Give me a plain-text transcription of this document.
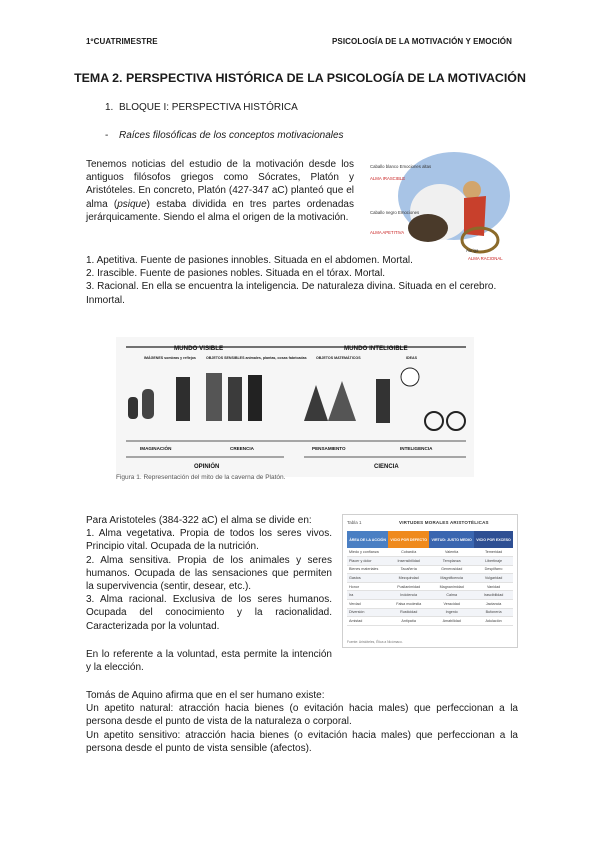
1ºCUATRIMESTRE	PSICOLOGÍA DE LA MOTIVACIÓN Y EMOCIÓN
TEMA 2. PERSPECTIVA HISTÓRICA DE LA PSICOLOGÍA DE LA MOTIVACIÓN
1. BLOQUE I: PERSPECTIVA HISTÓRICA
- Raíces filosóficas de los conceptos motivacionales
Tenemos noticias del estudio de la motivación desde los antiguos filósofos griegos como Sócrates, Platón y Aristóteles. En concreto, Platón (427-347 aC) planteó que el alma (psique) estaba dividida en tres partes ordenadas jerárquicamente. Siendo el alma el origen de la motivación.
Caballo blanco Emociones altas
ALMA IRASCIBLE
Caballo negro Emociones
ALMA APETITIVA
Auriga
ALMA RACIONAL
1. Apetitiva. Fuente de pasiones innobles. Situada en el abdomen. Mortal.
2. Irascible. Fuente de pasiones nobles. Situada en el tórax. Mortal.
3. Racional. En ella se encuentra la inteligencia. De naturaleza divina. Situada en el cerebro. Inmortal.
MUNDO VISIBLE	MUNDO INTELIGIBLE
IMÁGENES sombras y reflejos	OBJETOS SENSIBLES animales, plantas, cosas fabricadas	OBJETOS MATEMÁTICOS	IDEAS
IMAGINACIÓN	CREENCIA	PENSAMIENTO	INTELIGENCIA
OPINIÓN	CIENCIA
Figura 1. Representación del mito de la caverna de Platón.
Para Aristoteles (384-322 aC) el alma se divide en:
1. Alma vegetativa. Propia de todos los seres vivos. Principio vital. Ocupada de la nutrición.
2. Alma sensitiva. Propia de los animales y seres humanos. Ocupada de las sensaciones que permiten la supervivencia (sentir, desear, etc.).
3. Alma racional. Exclusiva de los seres humanos. Ocupada del conocimiento y la racionalidad. Caracterizada por la voluntad.
Tabla 1	VIRTUDES MORALES ARISTOTÉLICAS
ÁREA DE LA ACCIÓN	VICIO POR DEFECTO	VIRTUD: JUSTO MEDIO	VICIO POR EXCESO
Miedo y confianza	Cobardía	Valentía	Temeridad
Placer y dolor	Insensibilidad	Templanza	Libertinaje
Bienes materiales	Tacañería	Generosidad	Despilfarro
Gastos	Mezquindad	Magnificencia	Vulgaridad
Honor	Pusilanimidad	Magnanimidad	Vanidad
Ira	Indolencia	Calma	Irascibilidad
Verdad	Falsa modestia	Veracidad	Jactancia
Diversión	Rusticidad	Ingenio	Bufonería
Amistad	Antipatía	Amabilidad	Adulación
Fuente: Aristóteles, Ética a Nicómaco.
En lo referente a la voluntad, esta permite la intención y la elección.
Tomás de Aquino afirma que en el ser humano existe:
Un apetito natural: atracción hacia bienes (o evitación hacia males) que perfeccionan a la persona desde el punto de vista de la naturaleza o corporal.
Un apetito sensitivo: atracción hacia bienes (o evitación hacia males) que perfeccionan a la persona desde el punto de vista sensible (afectos).
